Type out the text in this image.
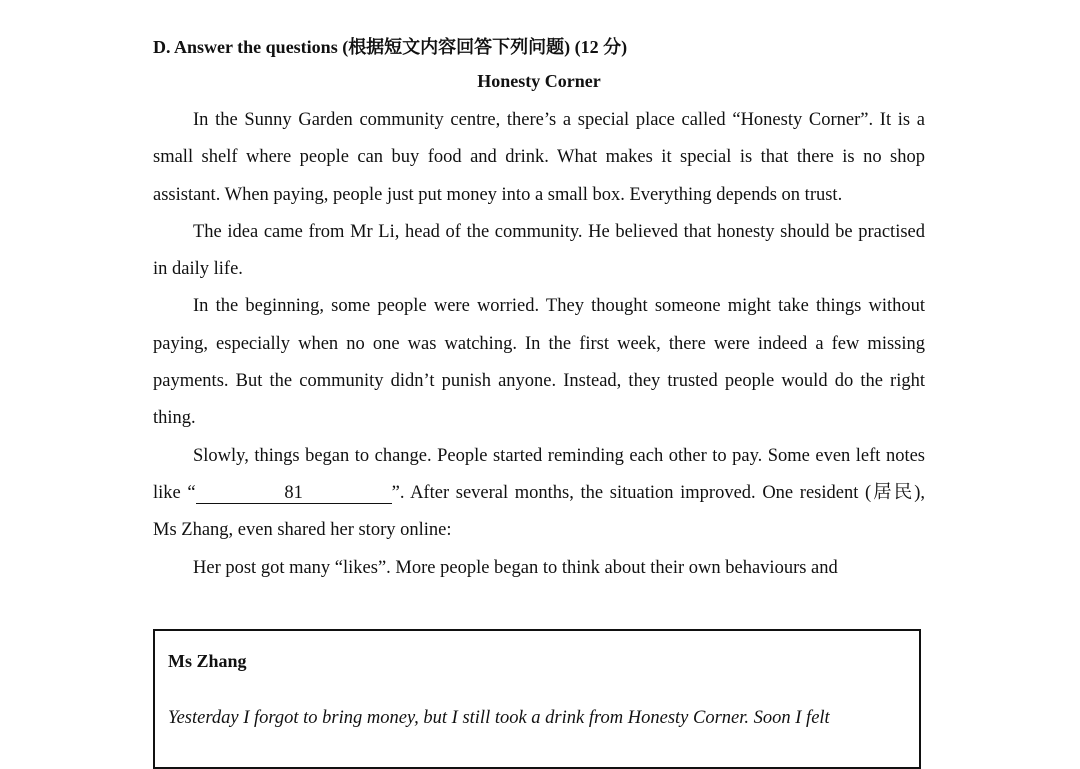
D. Answer the questions (根据短文内容回答下列问题) (12 分)
Honesty Corner

In the Sunny Garden community centre, there’s a special place called “Honesty Corner”. It is a small shelf where people can buy food and drink. What makes it special is that there is no shop assistant. When paying, people just put money into a small box. Everything depends on trust.

The idea came from Mr Li, head of the community. He believed that honesty should be practised in daily life.

In the beginning, some people were worried. They thought someone might take things without paying, especially when no one was watching. In the first week, there were indeed a few missing payments. But the community didn’t punish anyone. Instead, they trusted people would do the right thing.

Slowly, things began to change. People started reminding each other to pay. Some even left notes like “	81	”. After several months, the situation improved. One resident (居民), Ms Zhang, even shared her story online:

Her post got many “likes”. More people began to think about their own behaviours and

Ms Zhang
Yesterday I forgot to bring money, but I still took a drink from Honesty Corner. Soon I felt
